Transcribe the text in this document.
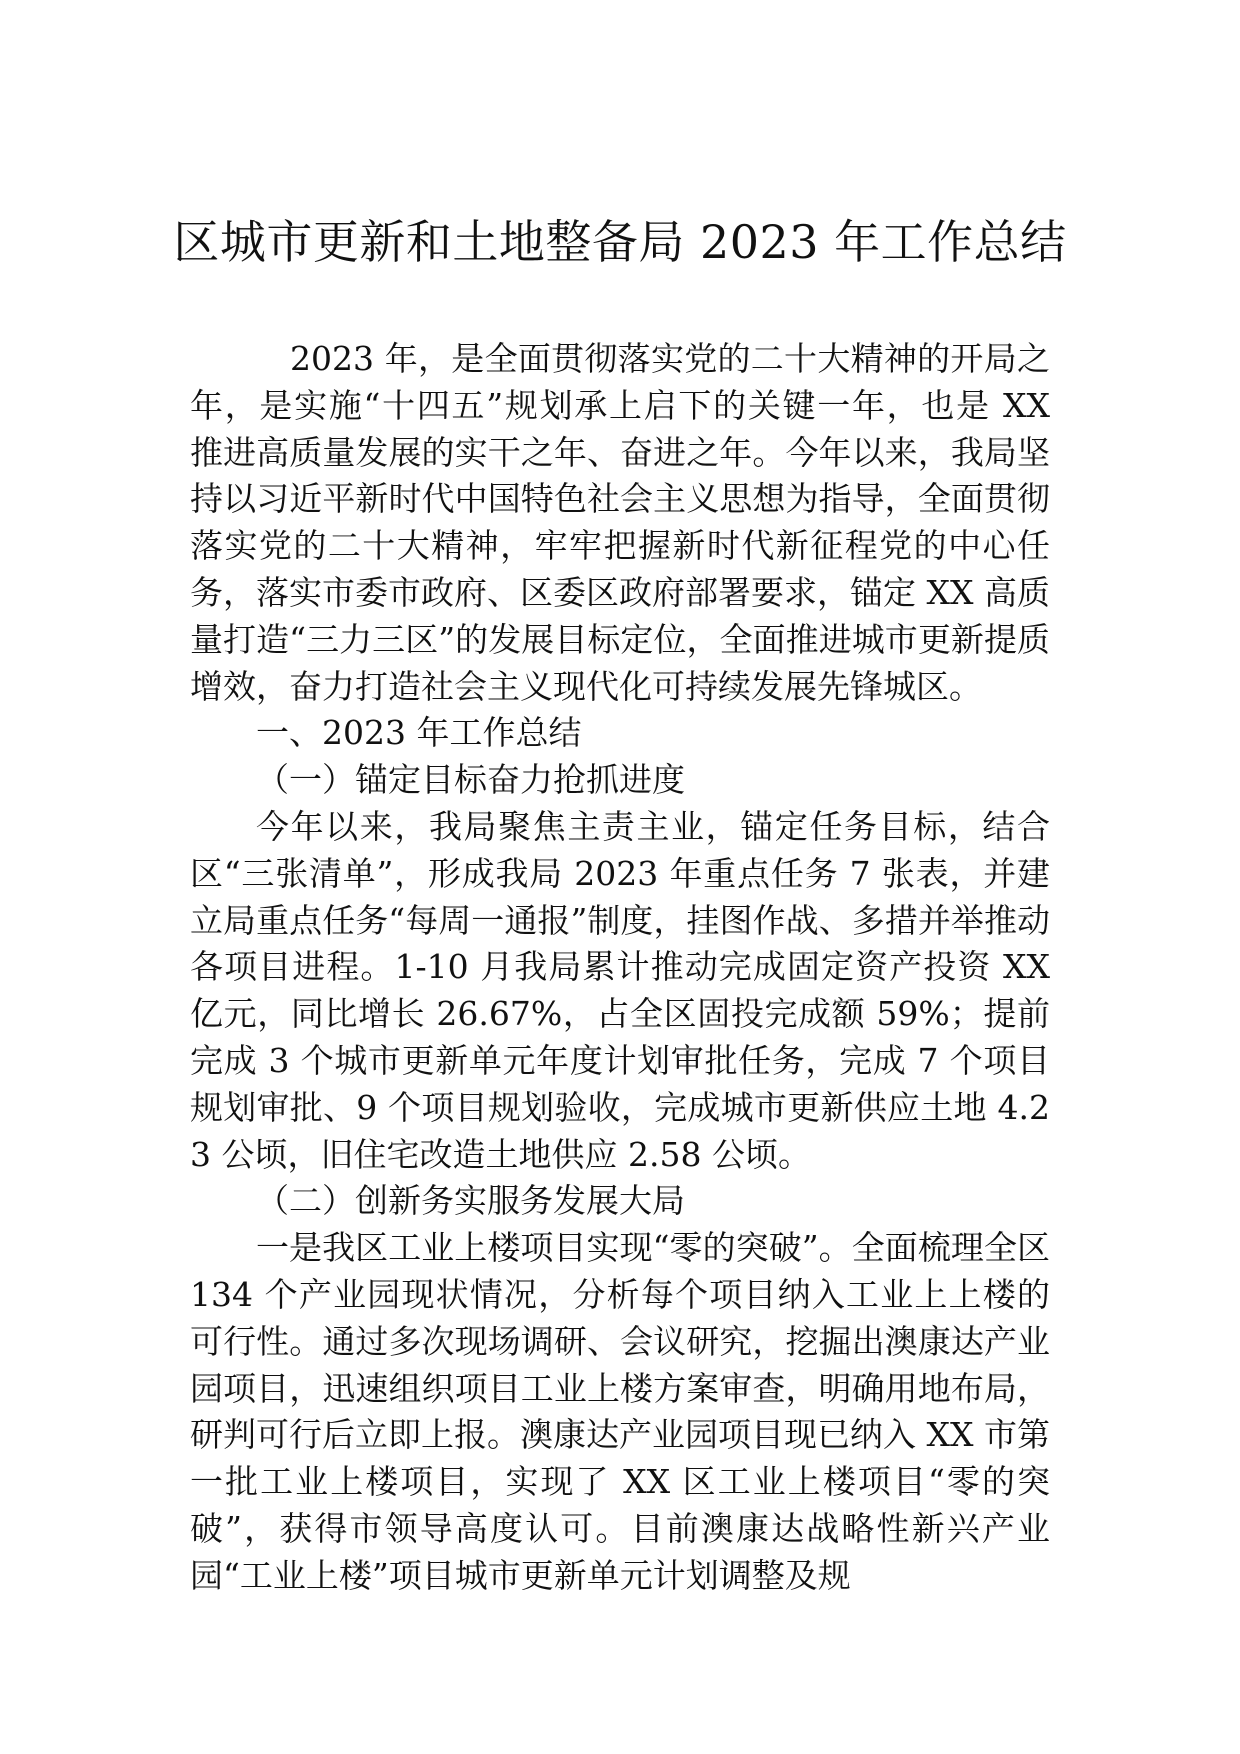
区城市更新和土地整备局 2023 年工作总结

2023 年，是全面贯彻落实党的二十大精神的开局之年，是实施“十四五”规划承上启下的关键一年，也是 XX 推进高质量发展的实干之年、奋进之年。今年以来，我局坚持以习近平新时代中国特色社会主义思想为指导，全面贯彻落实党的二十大精神，牢牢把握新时代新征程党的中心任务，落实市委市政府、区委区政府部署要求，锚定 XX 高质量打造“三力三区”的发展目标定位，全面推进城市更新提质增效，奋力打造社会主义现代化可持续发展先锋城区。

一、2023 年工作总结

（一）锚定目标奋力抢抓进度

今年以来，我局聚焦主责主业，锚定任务目标，结合区“三张清单”，形成我局 2023 年重点任务 7 张表，并建立局重点任务“每周一通报”制度，挂图作战、多措并举推动各项目进程。1-10 月我局累计推动完成固定资产投资 XX 亿元，同比增长 26.67%，占全区固投完成额 59%；提前完成 3 个城市更新单元年度计划审批任务，完成 7 个项目规划审批、9 个项目规划验收，完成城市更新供应土地 4.23 公顷，旧住宅改造土地供应 2.58 公顷。

（二）创新务实服务发展大局

一是我区工业上楼项目实现“零的突破”。全面梳理全区 134 个产业园现状情况，分析每个项目纳入工业上上楼的可行性。通过多次现场调研、会议研究，挖掘出澳康达产业园项目，迅速组织项目工业上楼方案审查，明确用地布局，研判可行后立即上报。澳康达产业园项目现已纳入 XX 市第一批工业上楼项目，实现了 XX 区工业上楼项目“零的突破”，获得市领导高度认可。目前澳康达战略性新兴产业园“工业上楼”项目城市更新单元计划调整及规
